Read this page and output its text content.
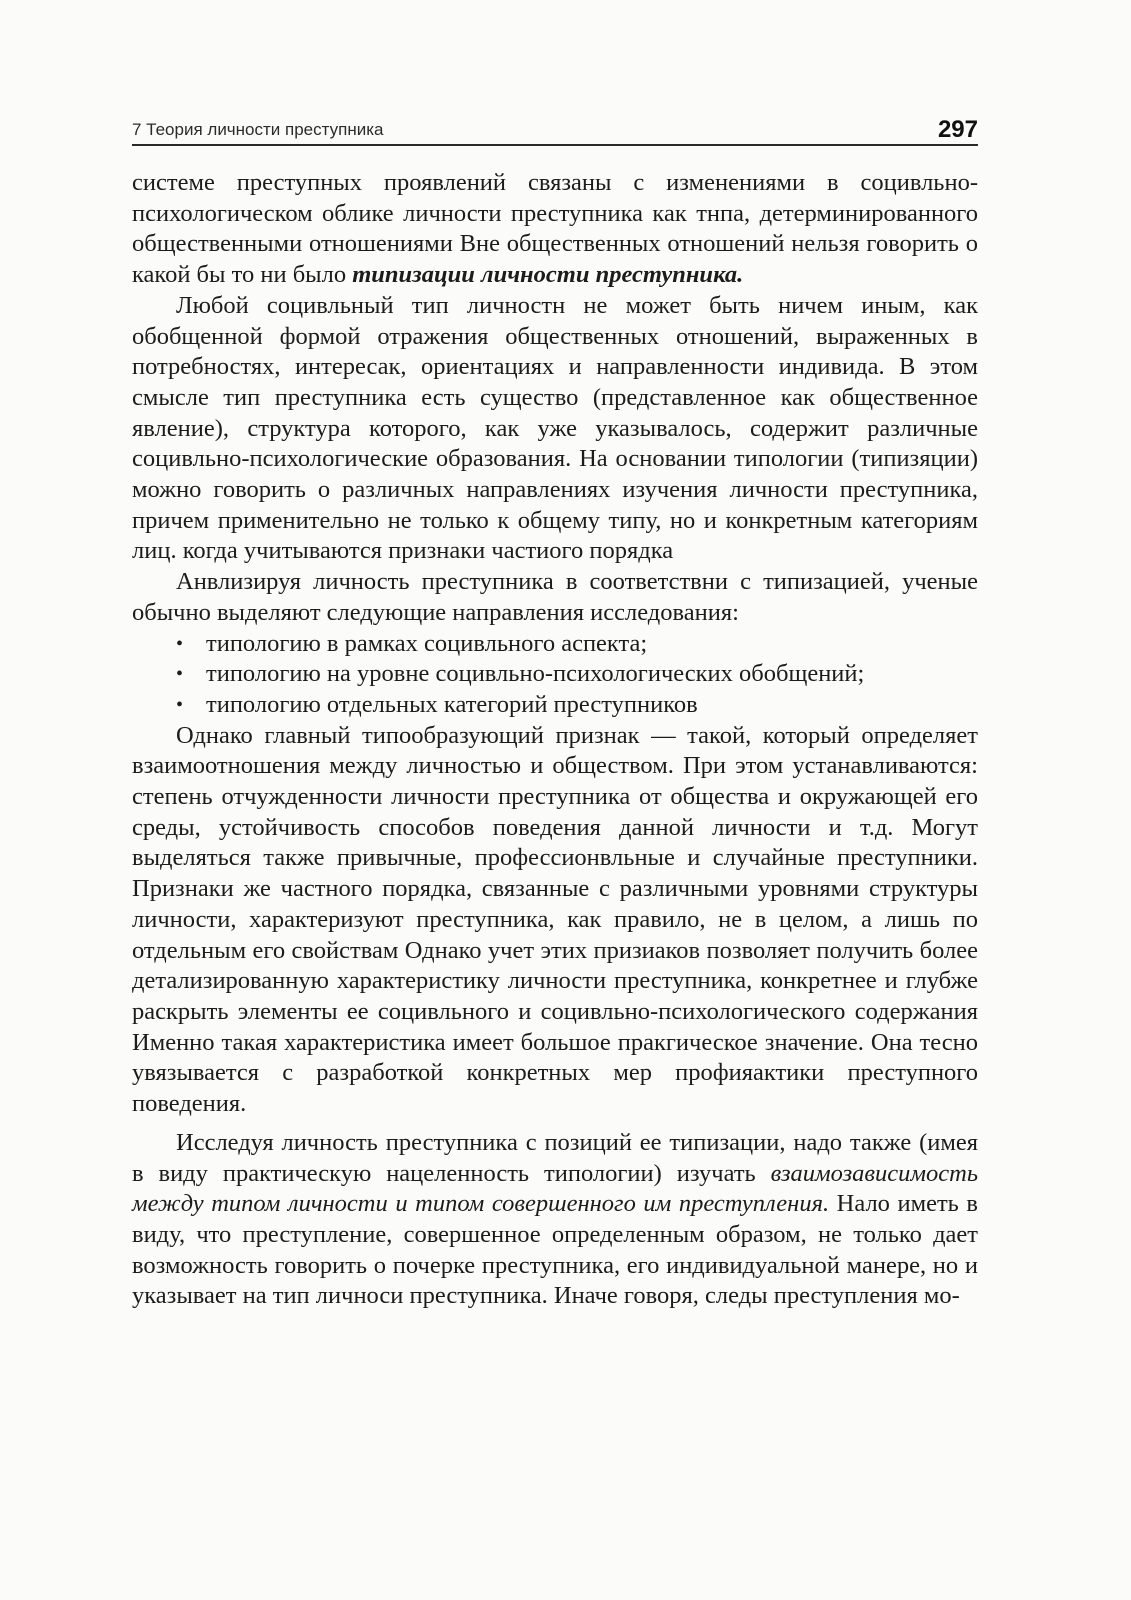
7 Теория личности преступника	297

системе преступных проявлений связаны с изменениями в социвльно-психологическом облике личности преступника как тнпа, детерминированнoго общественными отношениями Вне общественных отношений нельзя говорить о какой бы то ни было типизации личности преступника.

Любой социвльный тип личностн не может быть ничем иным, как обобщенной формой отражения общественных отношений, выраженных в потребностях, интересак, ориентациях и направленности индивида. В этом смысле тип преступника есть существо (представленное как общественное явление), структура которого, как уже указывалось, содержит различные социвльно-психологические образования. На основании типологии (типизяции) можно говорить о различных направлениях изучения личности преступника, причем применительно не только к общему типу, но и конкретным категориям лиц. когда учитываются признаки частиого порядка

Анвлизируя личность преступника в соответствни с типизацией, ученые обычно выделяют следующие направления исследования:

• типологию в рамках социвльного аспекта;
• типологию на уровне социвльно-психологических обобщений;
• типологию отдельных категорий преступников

Однако главный типообразующий признак — такой, который определяет взаимоотношения между личностью и обществом. При этом устанавливаются: степень отчужденности личности преступника от общества и окружающей его среды, устойчивость способов поведения данной личности и т.д. Могут выделяться также привычные, профессионвльные и случайные преступники. Признаки же частного порядка, связанные с различными уровнями структуры личности, характеризуют преступника, как правило, не в целом, а лишь по отдельным его свойствам Однако учет этих призиаков позволяет получить более детализированную характеристику личности преступника, конкретнее и глубже раскрыть элементы ее социвльного и социвльно-психологического содержания Именно такая характеристика имеет большое прaкгическое значение. Она тесно увязывается с разработкой конкретных мер профияактики преступного поведения.

Исследуя личность преступника с позиций ее типизации, надо также (имея в виду практическую нацеленность типологии) изучать взаимозависимость между типом личности и типом совершенного им преступления. Нало иметь в виду, что преступление, совершенное определенным образом, не только дает возможность говорить о почерке преступника, его индивидуальной манере, но и указывает на тип личноси преступника. Иначе говоря, следы преступления мо-
